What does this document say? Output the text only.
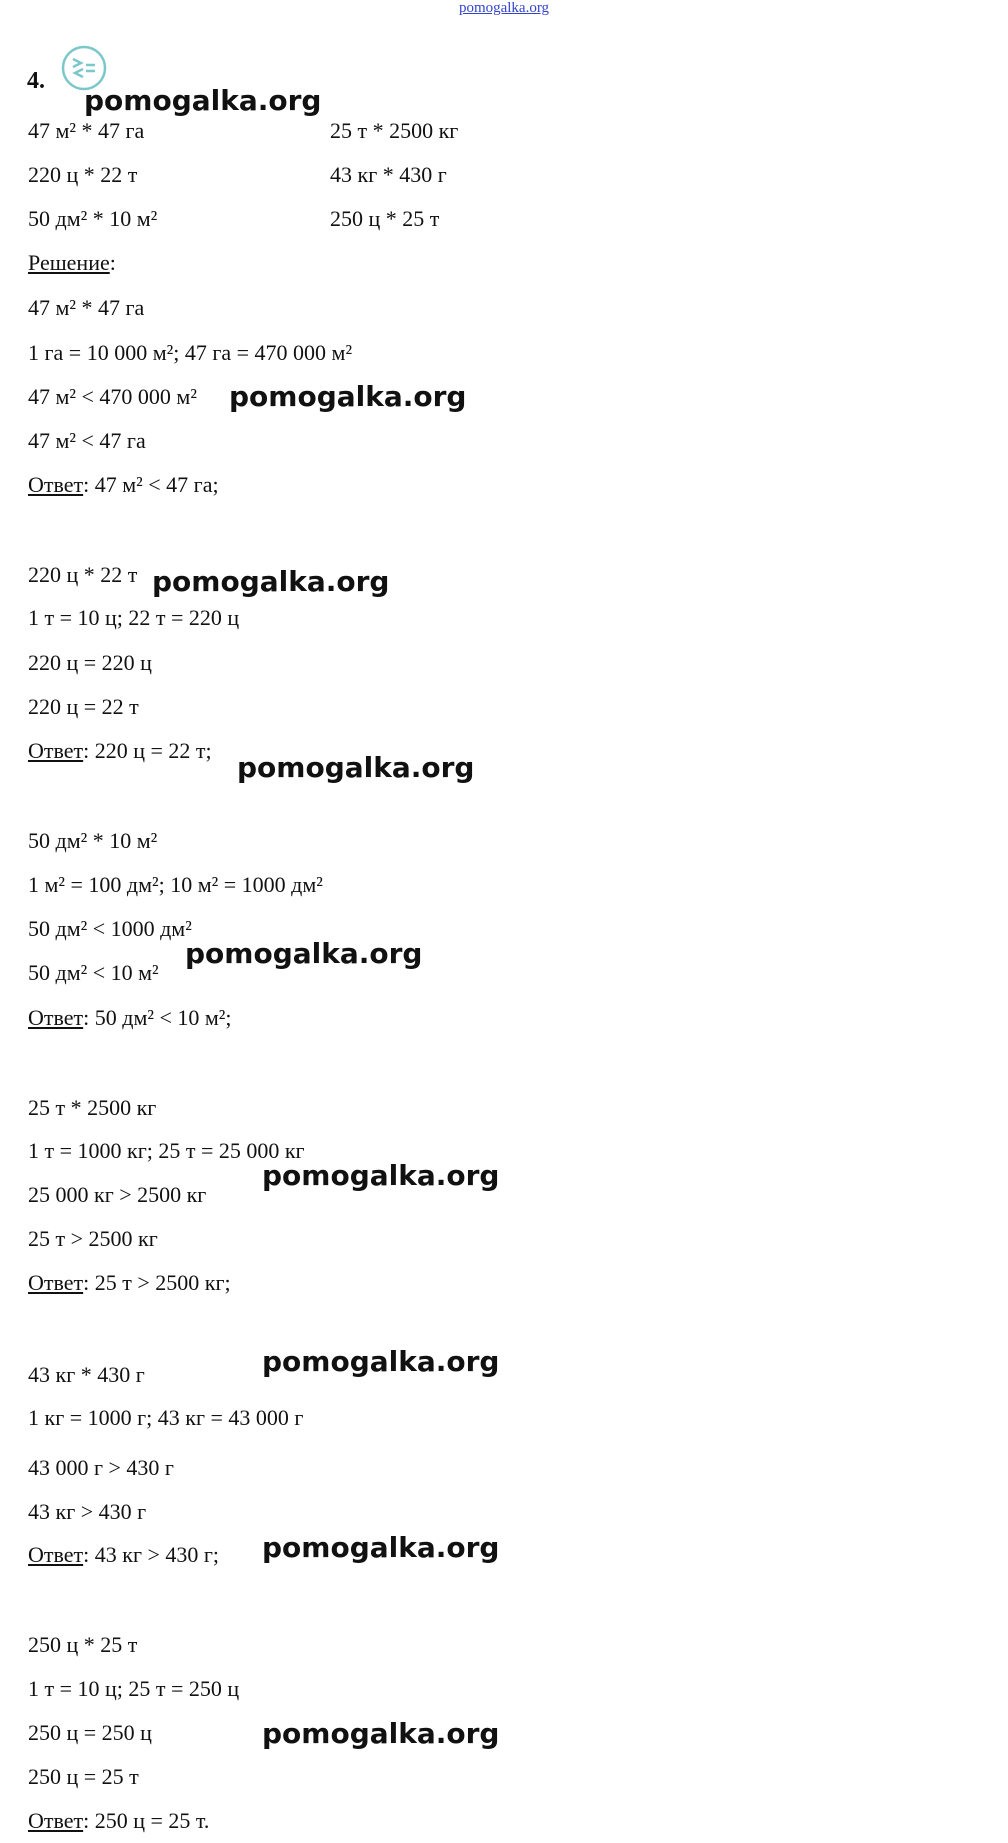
pomogalka.org
4.
47 м² * 47 га	25 т * 2500 кг
220 ц * 22 т	43 кг * 430 г
50 дм² * 10 м²	250 ц * 25 т
Решение:
47 м² * 47 га
1 га = 10 000 м²; 47 га = 470 000 м²
47 м² < 470 000 м²
47 м² < 47 га
Ответ: 47 м² < 47 га;
220 ц * 22 т
1 т = 10 ц; 22 т = 220 ц
220 ц = 220 ц
220 ц = 22 т
Ответ: 220 ц = 22 т;
50 дм² * 10 м²
1 м² = 100 дм²; 10 м² = 1000 дм²
50 дм² < 1000 дм²
50 дм² < 10 м²
Ответ: 50 дм² < 10 м²;
25 т * 2500 кг
1 т = 1000 кг; 25 т = 25 000 кг
25 000 кг > 2500 кг
25 т > 2500 кг
Ответ: 25 т > 2500 кг;
43 кг * 430 г
1 кг = 1000 г; 43 кг = 43 000 г
43 000 г > 430 г
43 кг > 430 г
Ответ: 43 кг > 430 г;
250 ц * 25 т
1 т = 10 ц; 25 т = 250 ц
250 ц = 250 ц
250 ц = 25 т
Ответ: 250 ц = 25 т.
pomogalka.org
pomogalka.org
pomogalka.org
pomogalka.org
pomogalka.org
pomogalka.org
pomogalka.org
pomogalka.org
pomogalka.org
